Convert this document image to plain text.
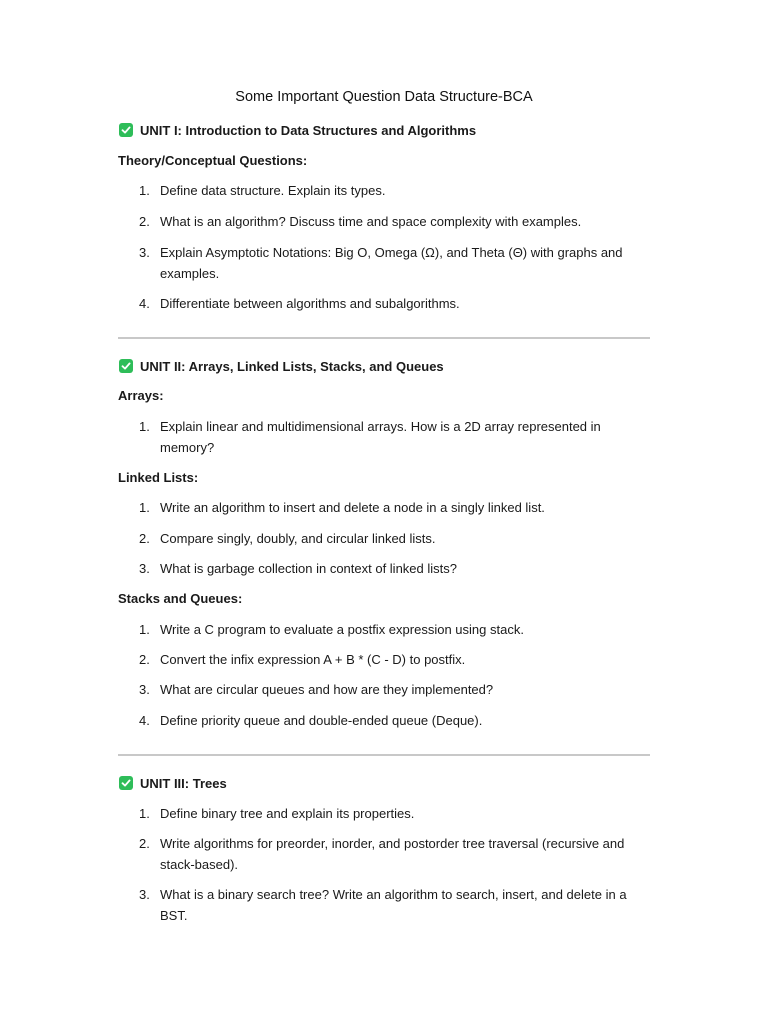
Some Important Question Data Structure-BCA
UNIT I: Introduction to Data Structures and Algorithms
Theory/Conceptual Questions:
1. Define data structure. Explain its types.
2. What is an algorithm? Discuss time and space complexity with examples.
3. Explain Asymptotic Notations: Big O, Omega (Ω), and Theta (Θ) with graphs and examples.
4. Differentiate between algorithms and subalgorithms.
UNIT II: Arrays, Linked Lists, Stacks, and Queues
Arrays:
1. Explain linear and multidimensional arrays. How is a 2D array represented in memory?
Linked Lists:
1. Write an algorithm to insert and delete a node in a singly linked list.
2. Compare singly, doubly, and circular linked lists.
3. What is garbage collection in context of linked lists?
Stacks and Queues:
1. Write a C program to evaluate a postfix expression using stack.
2. Convert the infix expression A + B * (C - D) to postfix.
3. What are circular queues and how are they implemented?
4. Define priority queue and double-ended queue (Deque).
UNIT III: Trees
1. Define binary tree and explain its properties.
2. Write algorithms for preorder, inorder, and postorder tree traversal (recursive and stack-based).
3. What is a binary search tree? Write an algorithm to search, insert, and delete in a BST.
